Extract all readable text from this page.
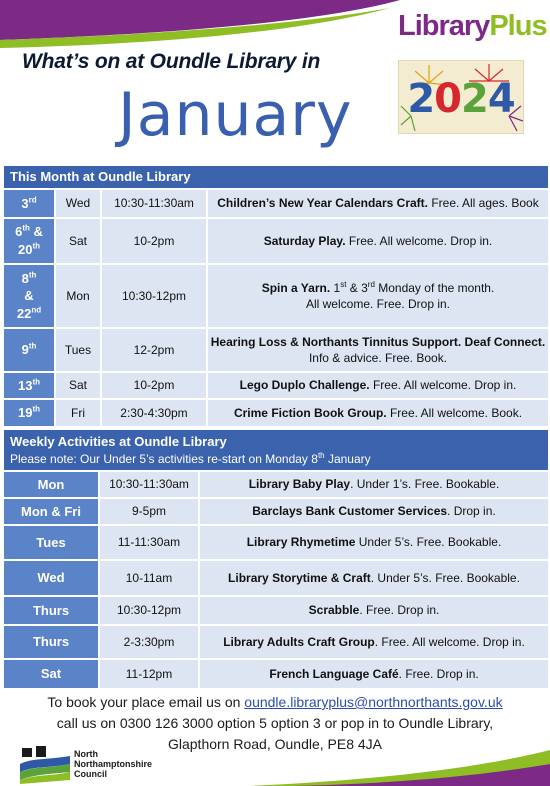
What’s on at Oundle Library in
January
LibraryPlus
2024
This Month at Oundle Library			
3rd	Wed	10:30-11:30am	Children’s New Year Calendars Craft. Free. All ages. Book
6th &
20th	Sat	10-2pm	Saturday Play. Free. All welcome. Drop in.
8th
&
22nd	Mon	10:30-12pm	Spin a Yarn. 1st & 3rd Monday of the month.
All welcome. Free. Drop in.
9th	Tues	12-2pm	Hearing Loss & Northants Tinnitus Support. Deaf Connect. Info & advice. Free. Book.
13th	Sat	10-2pm	Lego Duplo Challenge. Free. All welcome. Drop in.
19th	Fri	2:30-4:30pm	Crime Fiction Book Group. Free. All welcome. Book.
Weekly Activities at Oundle Library
Please note: Our Under 5’s activities re-start on Monday 8th January		

Mon	10:30-11:30am	Library Baby Play. Under 1’s. Free. Bookable.
Mon & Fri	9-5pm	Barclays Bank Customer Services. Drop in.
Tues	11-11:30am	Library Rhymetime Under 5’s. Free. Bookable.
Wed	10-11am	Library Storytime & Craft. Under 5’s. Free. Bookable.
Thurs	10:30-12pm	Scrabble. Free. Drop in.
Thurs	2-3:30pm	Library Adults Craft Group. Free. All welcome. Drop in.
Sat	11-12pm	French Language Café. Free. Drop in.
To book your place email us on oundle.libraryplus@northnorthants.gov.uk
call us on 0300 126 3000 option 5 option 3 or pop in to Oundle Library,
Glapthorn Road, Oundle, PE8 4JA
North
Northamptonshire
Council
